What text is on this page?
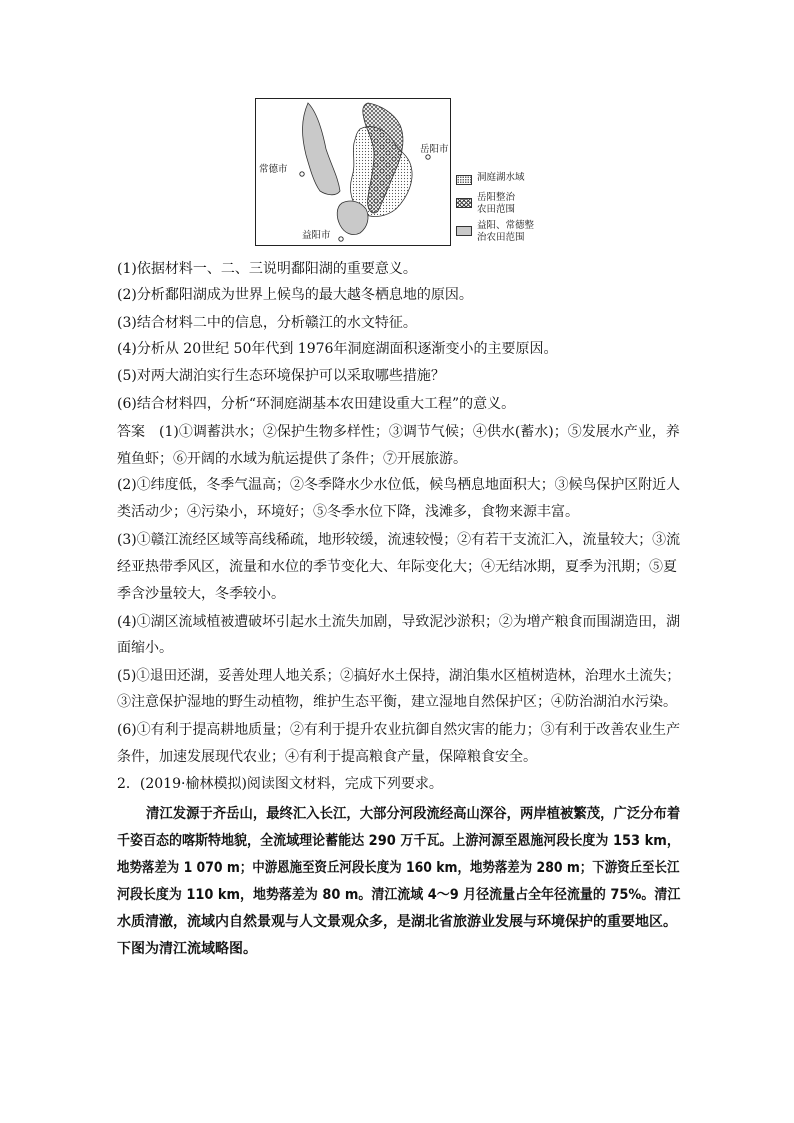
常德市
岳阳市
益阳市
洞庭湖水域
岳阳整治农田范围
益阳、常德整治农田范围
(1)依据材料一、二、三说明鄱阳湖的重要意义。
(2)分析鄱阳湖成为世界上候鸟的最大越冬栖息地的原因。
(3)结合材料二中的信息，分析赣江的水文特征。
(4)分析从 20世纪 50年代到 1976年洞庭湖面积逐渐变小的主要原因。
(5)对两大湖泊实行生态环境保护可以采取哪些措施？
(6)结合材料四，分析“环洞庭湖基本农田建设重大工程”的意义。
答案　(1)①调蓄洪水；②保护生物多样性；③调节气候；④供水(蓄水)；⑤发展水产业，养
殖鱼虾；⑥开阔的水域为航运提供了条件；⑦开展旅游。
(2)①纬度低，冬季气温高；②冬季降水少水位低，候鸟栖息地面积大；③候鸟保护区附近人
类活动少；④污染小，环境好；⑤冬季水位下降，浅滩多，食物来源丰富。
(3)①赣江流经区域等高线稀疏，地形较缓，流速较慢；②有若干支流汇入，流量较大；③流
经亚热带季风区，流量和水位的季节变化大、年际变化大；④无结冰期，夏季为汛期；⑤夏
季含沙量较大，冬季较小。
(4)①湖区流域植被遭破坏引起水土流失加剧，导致泥沙淤积；②为增产粮食而围湖造田，湖
面缩小。
(5)①退田还湖，妥善处理人地关系；②搞好水土保持，湖泊集水区植树造林，治理水土流失；
③注意保护湿地的野生动植物，维护生态平衡，建立湿地自然保护区；④防治湖泊水污染。
(6)①有利于提高耕地质量；②有利于提升农业抗御自然灾害的能力；③有利于改善农业生产
条件，加速发展现代农业；④有利于提高粮食产量，保障粮食安全。
2．(2019·榆林模拟)阅读图文材料，完成下列要求。
清江发源于齐岳山，最终汇入长江，大部分河段流经高山深谷，两岸植被繁茂，广泛分布着
千姿百态的喀斯特地貌，全流域理论蓄能达 290 万千瓦。上游河源至恩施河段长度为 153 km，
地势落差为 1 070 m；中游恩施至资丘河段长度为 160 km，地势落差为 280 m；下游资丘至长江
河段长度为 110 km，地势落差为 80 m。清江流域 4～9 月径流量占全年径流量的 75%。清江
水质清澈，流域内自然景观与人文景观众多，是湖北省旅游业发展与环境保护的重要地区。
下图为清江流域略图。
